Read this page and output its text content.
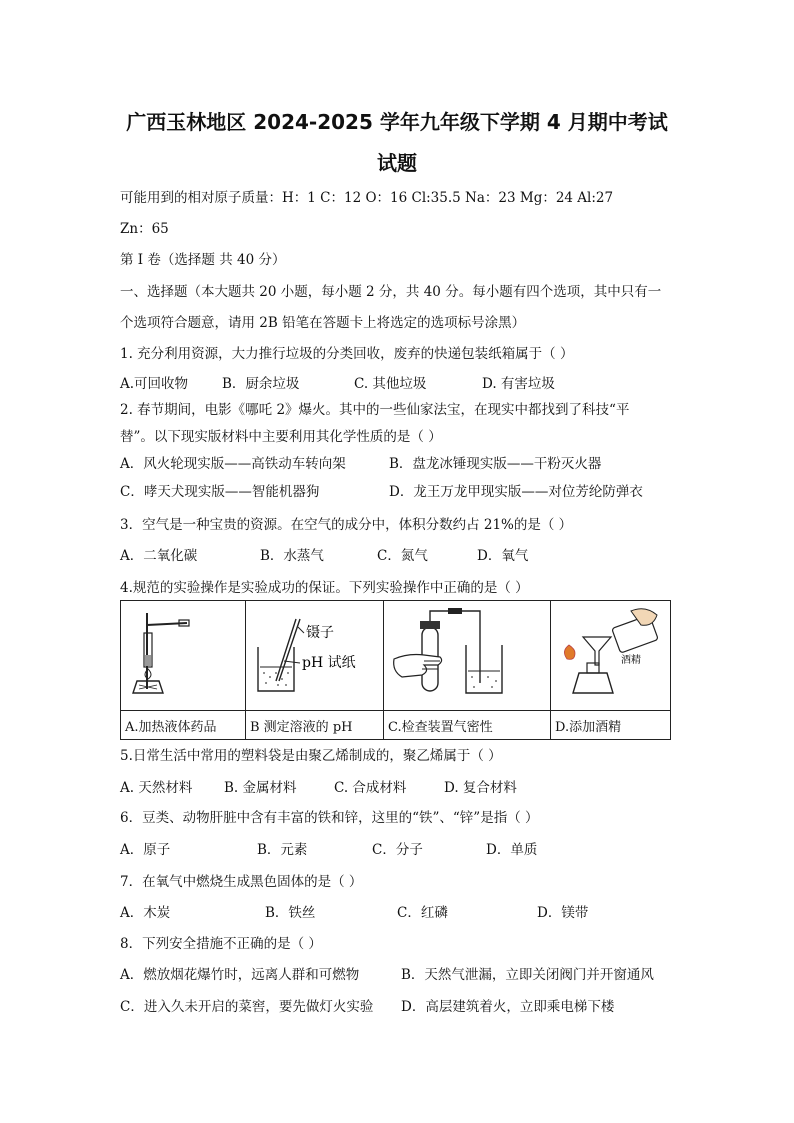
广西玉林地区 2024-2025 学年九年级下学期 4 月期中考试
试题
可能用到的相对原子质量：H：1 C：12 O：16 Cl:35.5 Na：23 Mg：24 Al:27
Zn：65
第 I 卷（选择题 共 40 分）
一、选择题（本大题共 20 小题，每小题 2 分，共 40 分。每小题有四个选项，其中只有一
个选项符合题意，请用 2B 铅笔在答题卡上将选定的选项标号涂黑）
1. 充分利用资源，大力推行垃圾的分类回收，废弃的快递包装纸箱属于（ ）
A.可回收物	B．厨余垃圾	C. 其他垃圾	D. 有害垃圾
2. 春节期间，电影《哪吒 2》爆火。其中的一些仙家法宝，在现实中都找到了科技“平
替”。以下现实版材料中主要利用其化学性质的是（ ）
A．风火轮现实版——高铁动车转向架	B．盘龙冰锤现实版——干粉灭火器
C．哮天犬现实版——智能机器狗	D．龙王万龙甲现实版——对位芳纶防弹衣
3．空气是一种宝贵的资源。在空气的成分中，体积分数约占 21%的是（ ）
A．二氧化碳	B．水蒸气	C．氮气	D．氧气
4.规范的实验操作是实验成功的保证。下列实验操作中正确的是（ ）

镊子
pH 试纸		酒精

A.加热液体药品	B 测定溶液的 pH	C.检查装置气密性	D.添加酒精
5.日常生活中常用的塑料袋是由聚乙烯制成的，聚乙烯属于（ ）
A. 天然材料 B. 金属材料	C. 合成材料	D. 复合材料
6．豆类、动物肝脏中含有丰富的铁和锌，这里的“铁”、“锌”是指（ ）
A．原子	B．元素	C．分子	D．单质
7．在氧气中燃烧生成黑色固体的是（ ）
A．木炭	B．铁丝	C．红磷	D．镁带
8．下列安全措施不正确的是（ ）
A．燃放烟花爆竹时，远离人群和可燃物	B．天然气泄漏，立即关闭阀门并开窗通风
C．进入久未开启的菜窖，要先做灯火实验 D．高层建筑着火，立即乘电梯下楼
